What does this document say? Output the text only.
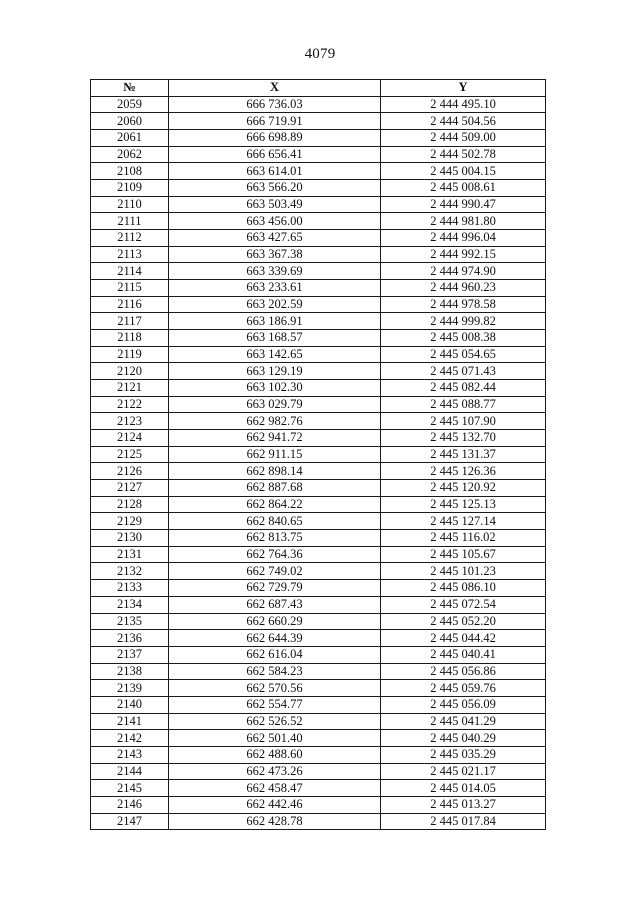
4079
№	X	Y
2059	666 736.03	2 444 495.10
2060	666 719.91	2 444 504.56
2061	666 698.89	2 444 509.00
2062	666 656.41	2 444 502.78
2108	663 614.01	2 445 004.15
2109	663 566.20	2 445 008.61
2110	663 503.49	2 444 990.47
2111	663 456.00	2 444 981.80
2112	663 427.65	2 444 996.04
2113	663 367.38	2 444 992.15
2114	663 339.69	2 444 974.90
2115	663 233.61	2 444 960.23
2116	663 202.59	2 444 978.58
2117	663 186.91	2 444 999.82
2118	663 168.57	2 445 008.38
2119	663 142.65	2 445 054.65
2120	663 129.19	2 445 071.43
2121	663 102.30	2 445 082.44
2122	663 029.79	2 445 088.77
2123	662 982.76	2 445 107.90
2124	662 941.72	2 445 132.70
2125	662 911.15	2 445 131.37
2126	662 898.14	2 445 126.36
2127	662 887.68	2 445 120.92
2128	662 864.22	2 445 125.13
2129	662 840.65	2 445 127.14
2130	662 813.75	2 445 116.02
2131	662 764.36	2 445 105.67
2132	662 749.02	2 445 101.23
2133	662 729.79	2 445 086.10
2134	662 687.43	2 445 072.54
2135	662 660.29	2 445 052.20
2136	662 644.39	2 445 044.42
2137	662 616.04	2 445 040.41
2138	662 584.23	2 445 056.86
2139	662 570.56	2 445 059.76
2140	662 554.77	2 445 056.09
2141	662 526.52	2 445 041.29
2142	662 501.40	2 445 040.29
2143	662 488.60	2 445 035.29
2144	662 473.26	2 445 021.17
2145	662 458.47	2 445 014.05
2146	662 442.46	2 445 013.27
2147	662 428.78	2 445 017.84
